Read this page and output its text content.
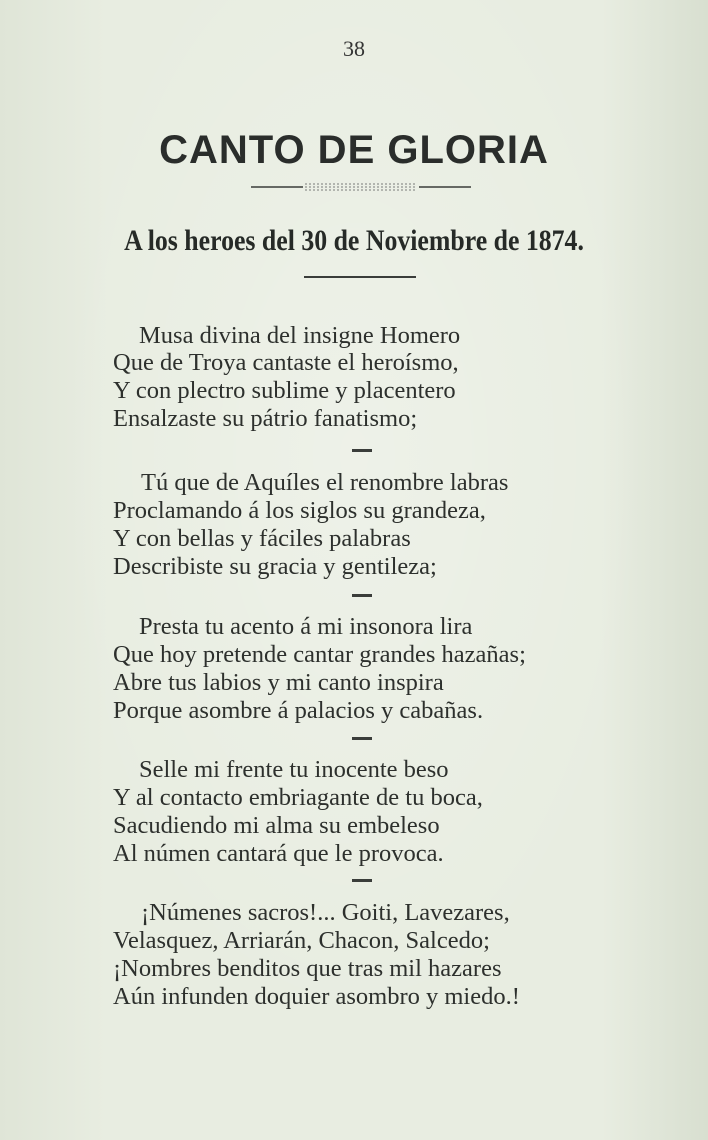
38
CANTO DE GLORIA
A los heroes del 30 de Noviembre de 1874.
Musa divina del insigne Homero
Que de Troya cantaste el heroísmo,
Y con plectro sublime y placentero
Ensalzaste su pátrio fanatismo;
Tú que de Aquíles el renombre labras
Proclamando á los siglos su grandeza,
Y con bellas y fáciles palabras
Describiste su gracia y gentileza;
Presta tu acento á mi insonora lira
Que hoy pretende cantar grandes hazañas;
Abre tus labios y mi canto inspira
Porque asombre á palacios y cabañas.
Selle mi frente tu inocente beso
Y al contacto embriagante de tu boca,
Sacudiendo mi alma su embeleso
Al númen cantará que le provoca.
¡Númenes sacros!... Goiti, Lavezares,
Velasquez, Arriarán, Chacon, Salcedo;
¡Nombres benditos que tras mil hazares
Aún infunden doquier asombro y miedo.!
